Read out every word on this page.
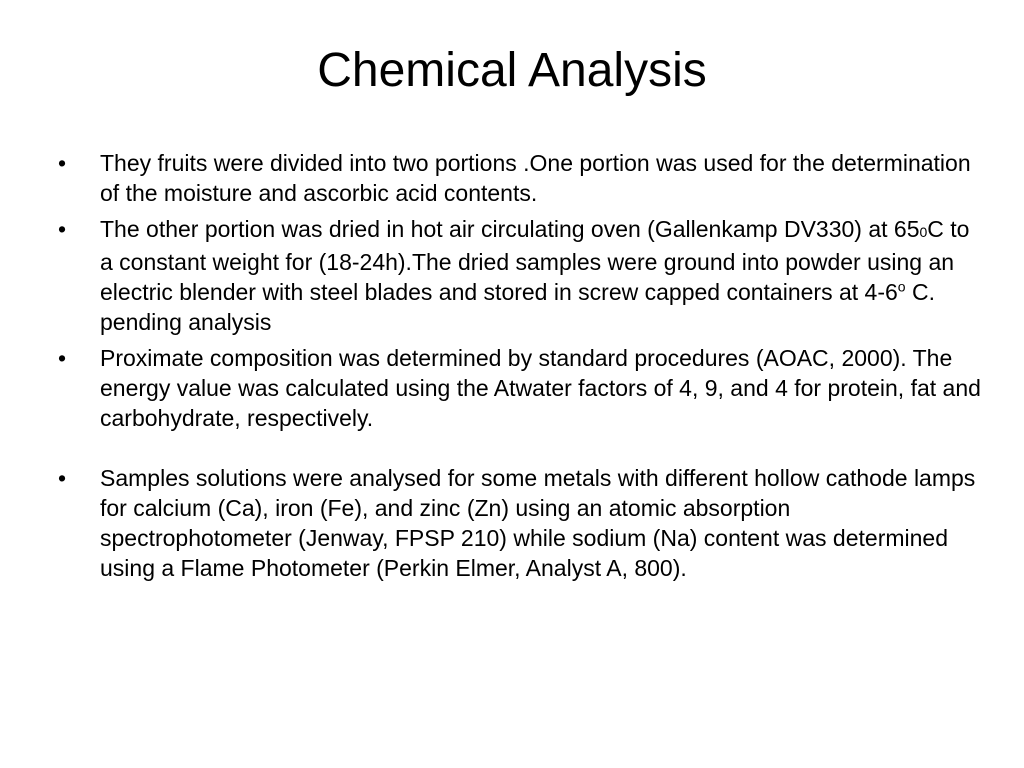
Chemical Analysis
•	They fruits were divided into two portions .One portion was used for the determination of the moisture and ascorbic acid contents.
•	The other portion was dried in hot air circulating oven (Gallenkamp DV330) at 650C to a constant weight for (18-24h).The dried samples were ground into powder using an electric blender with steel blades and stored in screw capped containers at 4-6$^o$ C. pending analysis
•	Proximate composition was determined by standard procedures (AOAC, 2000). The energy value was calculated using the Atwater factors of 4, 9, and 4 for protein, fat and carbohydrate, respectively.
•	Samples solutions were analysed for some metals with different hollow cathode lamps for calcium (Ca), iron (Fe), and zinc (Zn) using an atomic absorption spectrophotometer (Jenway, FPSP 210) while sodium (Na) content was determined using a Flame Photometer (Perkin Elmer, Analyst A, 800).
